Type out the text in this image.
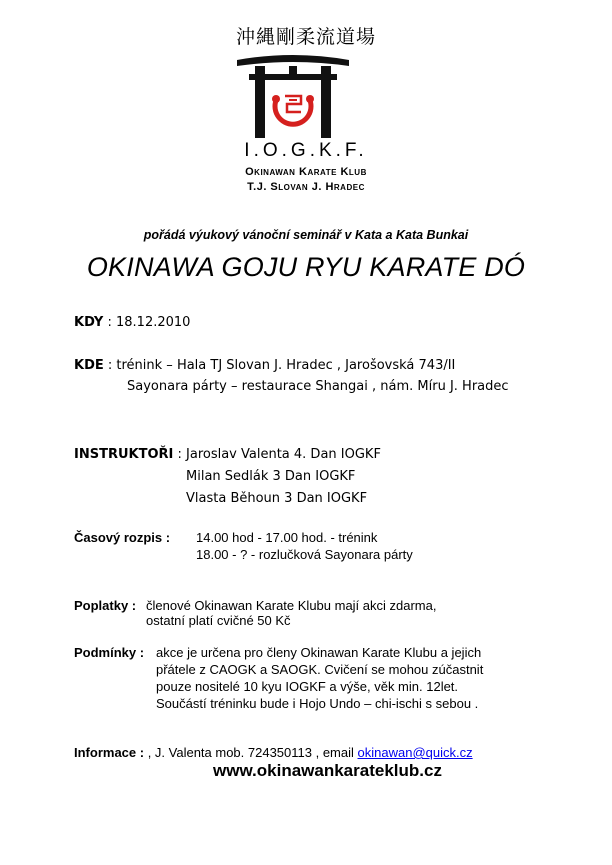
沖縄剛柔流道場
I.O.G.K.F.
Okinawan Karate Klub
T.J. Slovan J. Hradec
pořádá výukový vánoční seminář v Kata a Kata Bunkai
OKINAWA GOJU RYU KARATE DÓ
KDY : 18.12.2010
KDE : trénink – Hala TJ Slovan J. Hradec , Jarošovská 743/II
Sayonara párty – restaurace Shangai , nám. Míru J. Hradec
INSTRUKTOŘI : Jaroslav Valenta 4. Dan IOGKF
Milan Sedlák 3 Dan IOGKF
Vlasta Běhoun 3 Dan IOGKF
Časový rozpis : 14.00 hod - 17.00 hod. - trénink
18.00 - ? - rozlučková Sayonara párty
Poplatky : členové Okinawan Karate Klubu mají akci zdarma,
ostatní platí cvičné 50 Kč
Podmínky : akce je určena pro členy Okinawan Karate Klubu a jejich
přátele z CAOGK a SAOGK. Cvičení se mohou zúčastnit
pouze nositelé 10 kyu IOGKF a výše, věk min. 12let.
Součástí tréninku bude i Hojo Undo – chi-ischi s sebou .
Informace : , J. Valenta mob. 724350113 , email okinawan@quick.cz
www.okinawankarateklub.cz
